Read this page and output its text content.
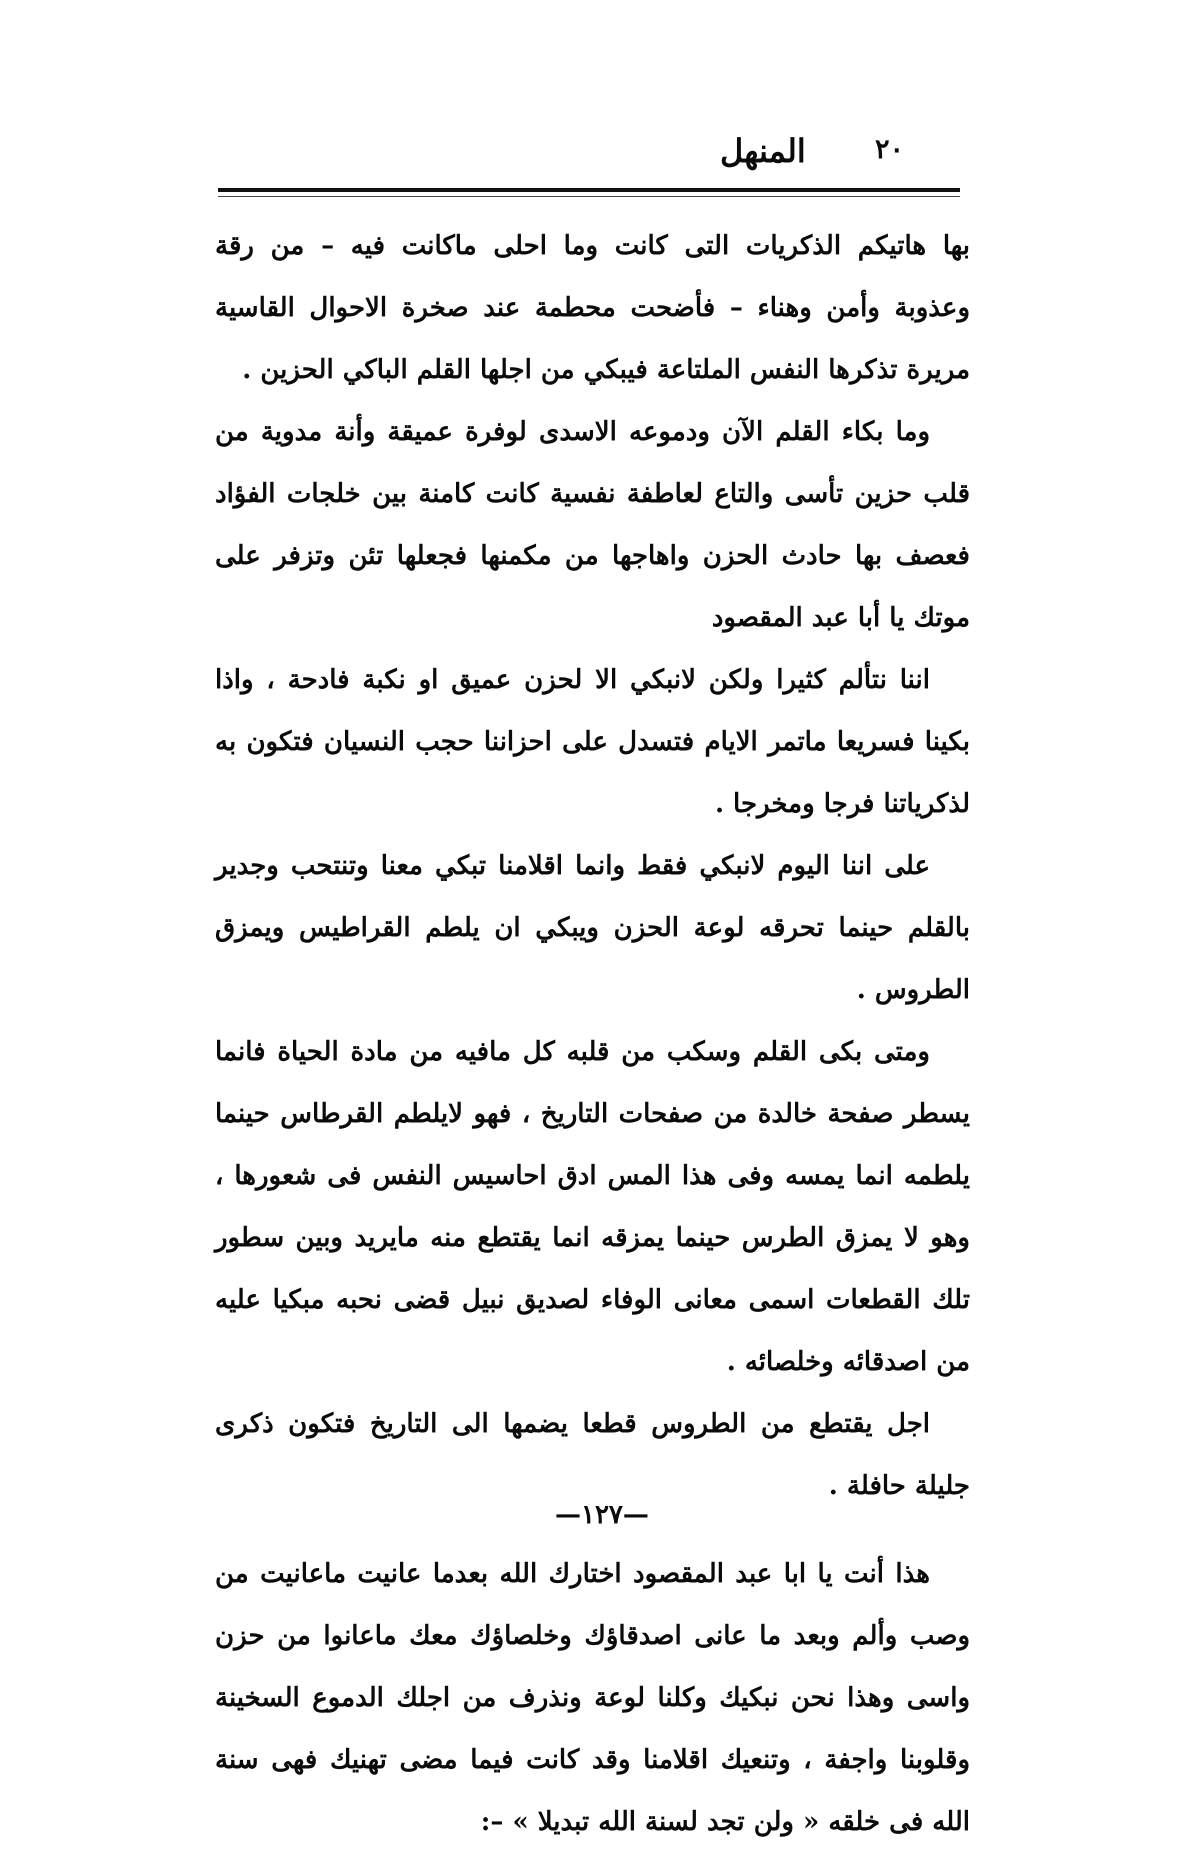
٢٠
المنهل

بها هاتيكم الذكريات التى كانت وما احلى ماكانت فيه – من رقة وعذوبة وأمن وهناء – فأضحت محطمة عند صخرة الاحوال القاسية مريرة تذكرها النفس الملتاعة فيبكي من اجلها القلم الباكي الحزين .

وما بكاء القلم الآن ودموعه الاسدى لوفرة عميقة وأنة مدوية من قلب حزين تأسى والتاع لعاطفة نفسية كانت كامنة بين خلجات الفؤاد فعصف بها حادث الحزن واهاجها من مكمنها فجعلها تئن وتزفر على موتك يا أبا عبد المقصود

اننا نتألم كثيرا ولكن لانبكي الا لحزن عميق او نكبة فادحة ، واذا بكينا فسريعا ماتمر الايام فتسدل على احزاننا حجب النسيان فتكون به لذكرياتنا فرجا ومخرجا .

على اننا اليوم لانبكي فقط وانما اقلامنا تبكي معنا وتنتحب وجدير بالقلم حينما تحرقه لوعة الحزن ويبكي ان يلطم القراطيس ويمزق الطروس .

ومتى بكى القلم وسكب من قلبه كل مافيه من مادة الحياة فانما يسطر صفحة خالدة من صفحات التاريخ ، فهو لايلطم القرطاس حينما يلطمه انما يمسه وفى هذا المس ادق احاسيس النفس فى شعورها ، وهو لا يمزق الطرس حينما يمزقه انما يقتطع منه مايريد وبين سطور تلك القطعات اسمى معانى الوفاء لصديق نبيل قضى نحبه مبكيا عليه من اصدقائه وخلصائه .

اجل يقتطع من الطروس قطعا يضمها الى التاريخ فتكون ذكرى جليلة حافلة .

هذا أنت يا ابا عبد المقصود اختارك الله بعدما عانيت ماعانيت من وصب وألم وبعد ما عانى اصدقاؤك وخلصاؤك معك ماعانوا من حزن واسى وهذا نحن نبكيك وكلنا لوعة ونذرف من اجلك الدموع السخينة وقلوبنا واجفة ، وتنعيك اقلامنا وقد كانت فيما مضى تهنيك فهى سنة الله فى خلقه « ولن تجد لسنة الله تبديلا » –:

—١٢٧—
